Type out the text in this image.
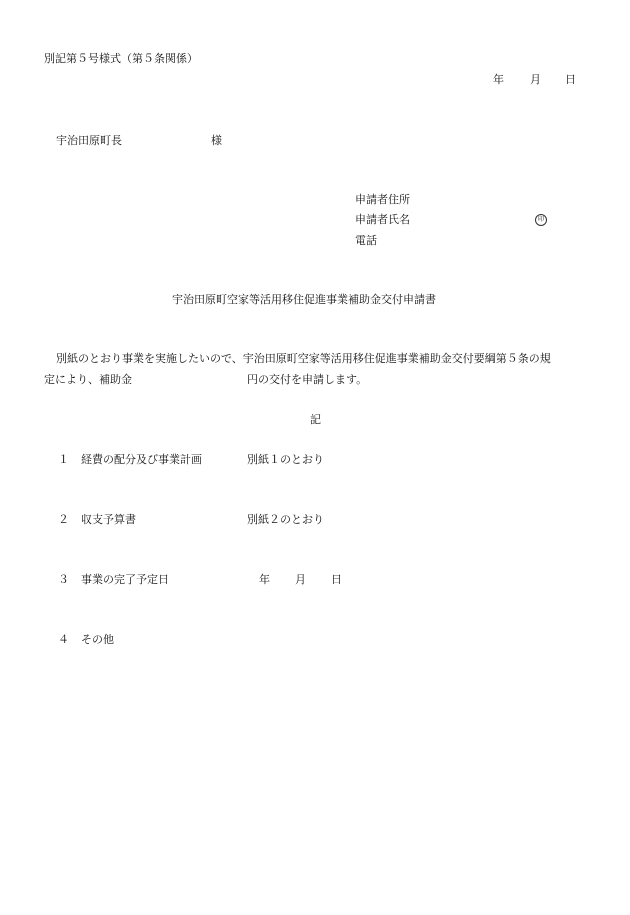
別記第５号様式（第５条関係）
年 月 日
宇治田原町長	様
申請者住所
申請者氏名	印
電話
宇治田原町空家等活用移住促進事業補助金交付申請書
別紙のとおり事業を実施したいので、宇治田原町空家等活用移住促進事業補助金交付要綱第５条の規
定により、補助金	円の交付を申請します。
記
１ 経費の配分及び事業計画	別紙１のとおり
２ 収支予算書	別紙２のとおり
３ 事業の完了予定日	年 月 日
４ その他
